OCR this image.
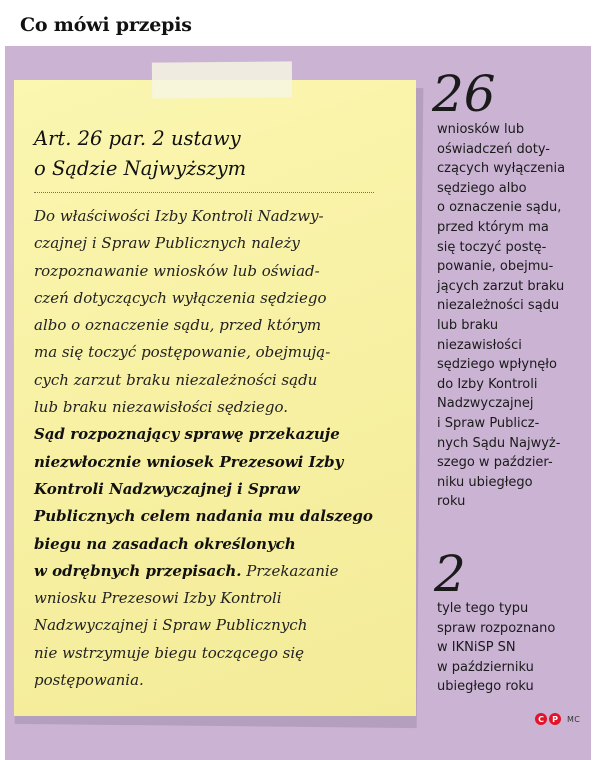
Co mówi przepis
Art. 26 par. 2 ustawy
o Sądzie Najwyższym
Do właściwości Izby Kontroli Nadzwy-
czajnej i Spraw Publicznych należy
rozpoznawanie wniosków lub oświad-
czeń dotyczących wyłączenia sędziego
albo o oznaczenie sądu, przed którym
ma się toczyć postępowanie, obejmują-
cych zarzut braku niezależności sądu
lub braku niezawisłości sędziego.
Sąd rozpoznający sprawę przekazuje
niezwłocznie wniosek Prezesowi Izby
Kontroli Nadzwyczajnej i Spraw
Publicznych celem nadania mu dalszego
biegu na zasadach określonych
w odrębnych przepisach. Przekazanie
wniosku Prezesowi Izby Kontroli
Nadzwyczajnej i Spraw Publicznych
nie wstrzymuje biegu toczącego się
postępowania.
26
wniosków lub
oświadczeń doty-
czących wyłączenia
sędziego albo
o oznaczenie sądu,
przed którym ma
się toczyć postę-
powanie, obejmu-
jących zarzut braku
niezależności sądu
lub braku
niezawisłości
sędziego wpłynęło
do Izby Kontroli
Nadzwyczajnej
i Spraw Publicz-
nych Sądu Najwyż-
szego w paździer-
niku ubiegłego
roku
2
tyle tego typu
spraw rozpoznano
w IKNiSP SN
w październiku
ubiegłego roku
C	P	MC
